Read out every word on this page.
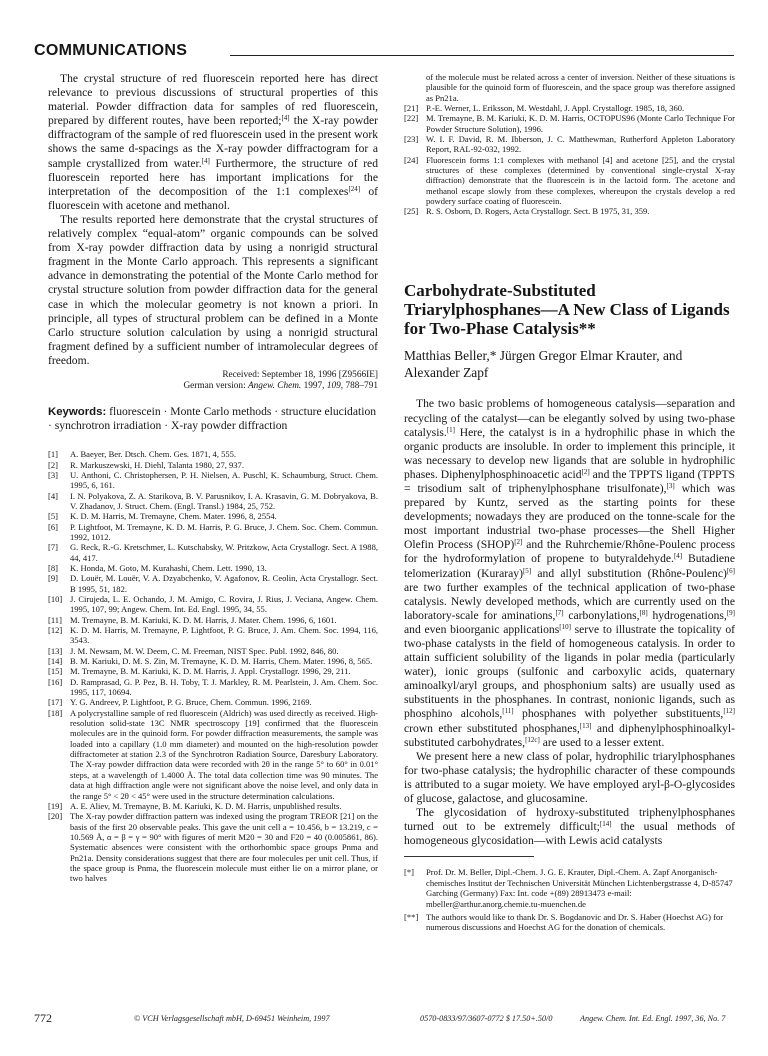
COMMUNICATIONS

The crystal structure of red fluorescein reported here has direct relevance to previous discussions of structural properties of this material. Powder diffraction data for samples of red fluorescein, prepared by different routes, have been reported;[4] the X-ray powder diffractogram of the sample of red fluorescein used in the present work shows the same d-spacings as the X-ray powder diffractogram for a sample crystallized from water.[4] Furthermore, the structure of red fluorescein reported here has important implications for the interpretation of the decomposition of the 1:1 complexes[24] of fluorescein with acetone and methanol.

The results reported here demonstrate that the crystal structures of relatively complex “equal-atom” organic compounds can be solved from X-ray powder diffraction data by using a nonrigid structural fragment in the Monte Carlo approach. This represents a significant advance in demonstrating the potential of the Monte Carlo method for crystal structure solution from powder diffraction data for the general case in which the molecular geometry is not known a priori. In principle, all types of structural problem can be defined in a Monte Carlo structure solution calculation by using a nonrigid structural fragment defined by a sufficient number of intramolecular degrees of freedom.

Received: September 18, 1996 [Z9566IE]
German version: Angew. Chem. 1997, 109, 788–791
Keywords: fluorescein · Monte Carlo methods · structure elucidation · synchrotron irradiation · X-ray powder diffraction
[1] A. Baeyer, Ber. Dtsch. Chem. Ges. 1871, 4, 555.
[2] R. Markuszewski, H. Diehl, Talanta 1980, 27, 937.
[3] U. Anthoni, C. Christophersen, P. H. Nielsen, A. Puschl, K. Schaumburg, Struct. Chem. 1995, 6, 161.
[4] I. N. Polyakova, Z. A. Starikova, B. V. Parusnikov, I. A. Krasavin, G. M. Dobryakova, B. V. Zhadanov, J. Struct. Chem. (Engl. Transl.) 1984, 25, 752.
[5] K. D. M. Harris, M. Tremayne, Chem. Mater. 1996, 8, 2554.
[6] P. Lightfoot, M. Tremayne, K. D. M. Harris, P. G. Bruce, J. Chem. Soc. Chem. Commun. 1992, 1012.
[7] G. Reck, R.-G. Kretschmer, L. Kutschabsky, W. Pritzkow, Acta Crystallogr. Sect. A 1988, 44, 417.
[8] K. Honda, M. Goto, M. Kurahashi, Chem. Lett. 1990, 13.
[9] D. Louër, M. Louër, V. A. Dzyabchenko, V. Agafonov, R. Ceolin, Acta Crystallogr. Sect. B 1995, 51, 182.
[10] J. Cirujeda, L. E. Ochando, J. M. Amigo, C. Rovira, J. Rius, J. Veciana, Angew. Chem. 1995, 107, 99; Angew. Chem. Int. Ed. Engl. 1995, 34, 55.
[11] M. Tremayne, B. M. Kariuki, K. D. M. Harris, J. Mater. Chem. 1996, 6, 1601.
[12] K. D. M. Harris, M. Tremayne, P. Lightfoot, P. G. Bruce, J. Am. Chem. Soc. 1994, 116, 3543.
[13] J. M. Newsam, M. W. Deem, C. M. Freeman, NIST Spec. Publ. 1992, 846, 80.
[14] B. M. Kariuki, D. M. S. Zin, M. Tremayne, K. D. M. Harris, Chem. Mater. 1996, 8, 565.
[15] M. Tremayne, B. M. Kariuki, K. D. M. Harris, J. Appl. Crystallogr. 1996, 29, 211.
[16] D. Ramprasad, G. P. Pez, B. H. Toby, T. J. Markley, R. M. Pearlstein, J. Am. Chem. Soc. 1995, 117, 10694.
[17] Y. G. Andreev, P. Lightfoot, P. G. Bruce, Chem. Commun. 1996, 2169.
[18] A polycrystalline sample of red fluorescein (Aldrich) was used directly as received. High-resolution solid-state 13C NMR spectroscopy [19] confirmed that the fluorescein molecules are in the quinoid form. For powder diffraction measurements, the sample was loaded into a capillary (1.0 mm diameter) and mounted on the high-resolution powder diffractometer at station 2.3 of the Synchrotron Radiation Source, Daresbury Laboratory. The X-ray powder diffraction data were recorded with 2θ in the range 5° to 60° in 0.01° steps, at a wavelength of 1.4000 Å. The total data collection time was 90 minutes. The data at high diffraction angle were not significant above the noise level, and only data in the range 5° < 2θ < 45° were used in the structure determination calculations.
[19] A. E. Aliev, M. Tremayne, B. M. Kariuki, K. D. M. Harris, unpublished results.
[20] The X-ray powder diffraction pattern was indexed using the program TREOR [21] on the basis of the first 20 observable peaks. This gave the unit cell a = 10.456, b = 13.219, c = 10.569 Å, α = β = γ = 90° with figures of merit M20 = 30 and F20 = 40 (0.005861, 86). Systematic absences were consistent with the orthorhombic space groups Pnma and Pn21a. Density considerations suggest that there are four molecules per unit cell. Thus, if the space group is Pnma, the fluorescein molecule must either lie on a mirror plane, or two halves
of the molecule must be related across a center of inversion. Neither of these situations is plausible for the quinoid form of fluorescein, and the space group was therefore assigned as Pn21a.
[21] P.-E. Werner, L. Eriksson, M. Westdahl, J. Appl. Crystallogr. 1985, 18, 360.
[22] M. Tremayne, B. M. Kariuki, K. D. M. Harris, OCTOPUS96 (Monte Carlo Technique For Powder Structure Solution), 1996.
[23] W. I. F. David, R. M. Ibberson, J. C. Matthewman, Rutherford Appleton Laboratory Report, RAL-92-032, 1992.
[24] Fluorescein forms 1:1 complexes with methanol [4] and acetone [25], and the crystal structures of these complexes (determined by conventional single-crystal X-ray diffraction) demonstrate that the fluorescein is in the lactoid form. The acetone and methanol escape slowly from these complexes, whereupon the crystals develop a red powdery surface coating of fluorescein.
[25] R. S. Osborn, D. Rogers, Acta Crystallogr. Sect. B 1975, 31, 359.
Carbohydrate-Substituted Triarylphosphanes—A New Class of Ligands for Two-Phase Catalysis**
Matthias Beller,* Jürgen Gregor Elmar Krauter, and Alexander Zapf

The two basic problems of homogeneous catalysis—separation and recycling of the catalyst—can be elegantly solved by using two-phase catalysis.[1] Here, the catalyst is in a hydrophilic phase in which the organic products are insoluble. In order to implement this principle, it was necessary to develop new ligands that are soluble in hydrophilic phases. Diphenylphosphinoacetic acid[2] and the TPPTS ligand (TPPTS = trisodium salt of triphenylphosphane trisulfonate),[3] which was prepared by Kuntz, served as the starting points for these developments; nowadays they are produced on the tonne-scale for the most important industrial two-phase processes—the Shell Higher Olefin Process (SHOP)[2] and the Ruhrchemie/Rhône-Poulenc process for the hydroformylation of propene to butyraldehyde.[4] Butadiene telomerization (Kuraray)[5] and allyl substitution (Rhône-Poulenc)[6] are two further examples of the technical application of two-phase catalysis. Newly developed methods, which are currently used on the laboratory-scale for aminations,[7] carbonylations,[8] hydrogenations,[9] and even bioorganic applications[10] serve to illustrate the topicality of two-phase catalysts in the field of homogeneous catalysis. In order to attain sufficient solubility of the ligands in polar media (particularly water), ionic groups (sulfonic and carboxylic acids, quaternary aminoalkyl/aryl groups, and phosphonium salts) are usually used as substituents in the phosphanes. In contrast, nonionic ligands, such as phosphino alcohols,[11] phosphanes with polyether substituents,[12] crown ether substituted phosphanes,[13] and diphenylphosphinoalkyl-substituted carbohydrates,[12c] are used to a lesser extent.

We present here a new class of polar, hydrophilic triarylphosphanes for two-phase catalysis; the hydrophilic character of these compounds is attributed to a sugar moiety. We have employed aryl-β-O-glycosides of glucose, galactose, and glucosamine.

The glycosidation of hydroxy-substituted triphenylphosphanes turned out to be extremely difficult;[14] the usual methods of homogeneous glycosidation—with Lewis acid catalysts

[*] Prof. Dr. M. Beller, Dipl.-Chem. J. G. E. Krauter, Dipl.-Chem. A. Zapf Anorganisch-chemisches Institut der Technischen Universität München Lichtenbergstrasse 4, D-85747 Garching (Germany) Fax: Int. code +(89) 28913473 e-mail: mbeller@arthur.anorg.chemie.tu-muenchen.de
[**] The authors would like to thank Dr. S. Bogdanovic and Dr. S. Haber (Hoechst AG) for numerous discussions and Hoechst AG for the donation of chemicals.
772	© VCH Verlagsgesellschaft mbH, D-69451 Weinheim, 1997	0570-0833/97/3607-0772 $ 17.50+.50/0	Angew. Chem. Int. Ed. Engl. 1997, 36, No. 7
